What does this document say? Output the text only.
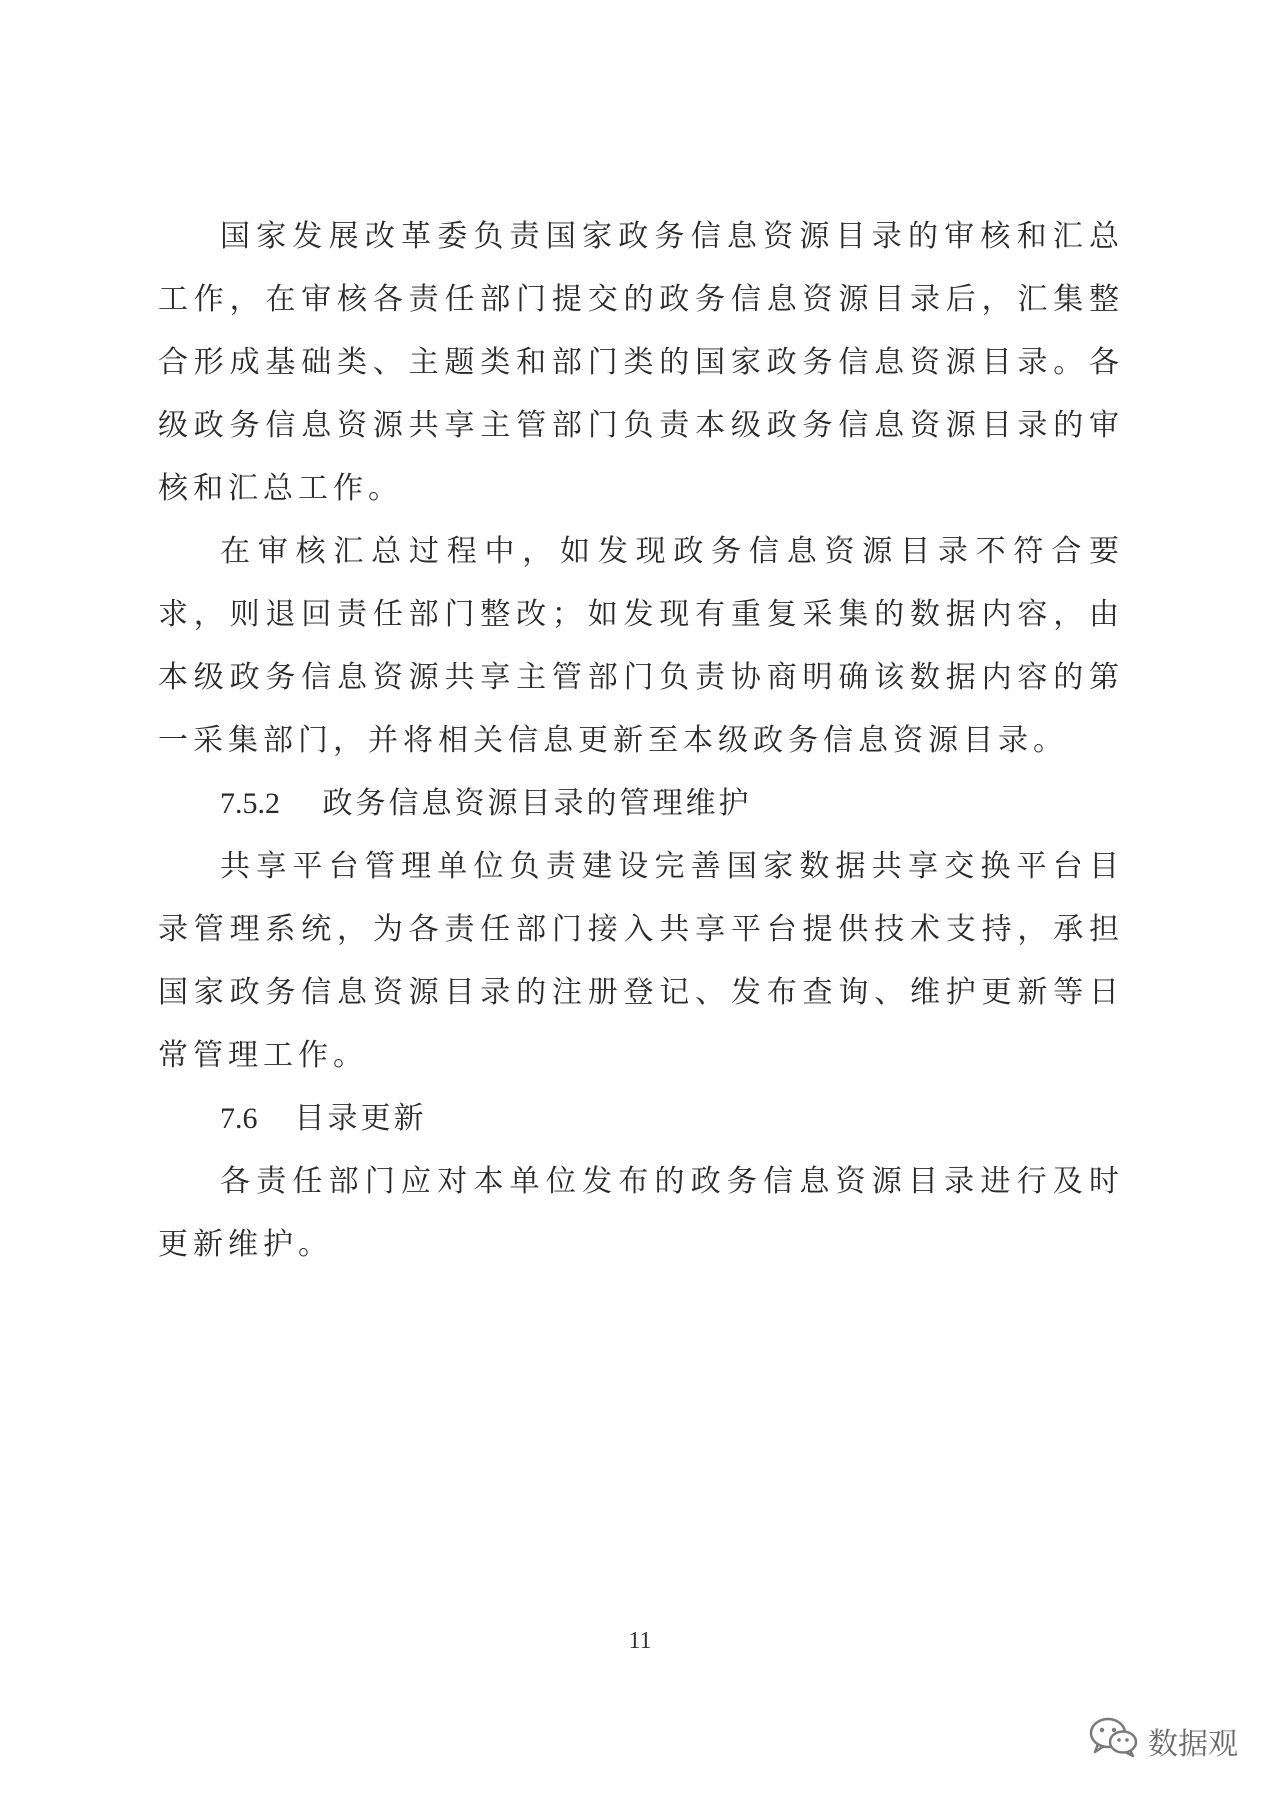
国家发展改革委负责国家政务信息资源目录的审核和汇总工作，在审核各责任部门提交的政务信息资源目录后，汇集整合形成基础类、主题类和部门类的国家政务信息资源目录。各级政务信息资源共享主管部门负责本级政务信息资源目录的审核和汇总工作。

在审核汇总过程中，如发现政务信息资源目录不符合要求，则退回责任部门整改；如发现有重复采集的数据内容，由本级政务信息资源共享主管部门负责协商明确该数据内容的第一采集部门，并将相关信息更新至本级政务信息资源目录。

7.5.2 政务信息资源目录的管理维护

共享平台管理单位负责建设完善国家数据共享交换平台目录管理系统，为各责任部门接入共享平台提供技术支持，承担国家政务信息资源目录的注册登记、发布查询、维护更新等日常管理工作。

7.6 目录更新

各责任部门应对本单位发布的政务信息资源目录进行及时更新维护。

11
数据观
